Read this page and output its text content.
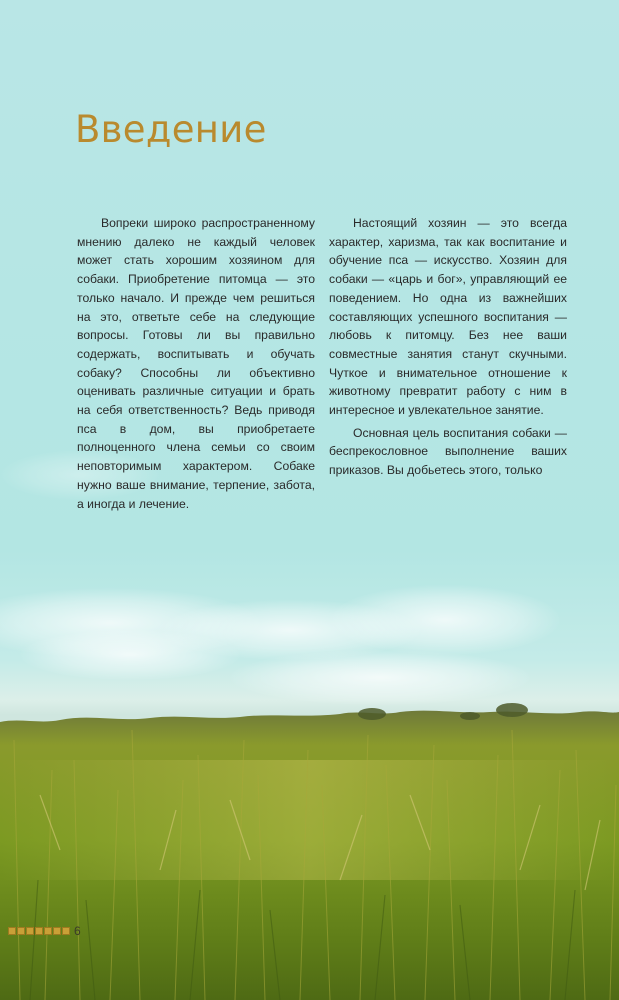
Введение

Вопреки широко распространенному мнению далеко не каждый человек может стать хорошим хозяином для собаки. Приобретение питомца — это только начало. И прежде чем решиться на это, ответьте себе на следующие вопросы. Готовы ли вы правильно содержать, воспитывать и обучать собаку? Способны ли объективно оценивать различные ситуации и брать на себя ответственность? Ведь приводя пса в дом, вы приобретаете полноценного члена семьи со своим неповторимым характером. Собаке нужно ваше внимание, терпение, забота, а иногда и лечение.

Настоящий хозяин — это всегда характер, харизма, так как воспитание и обучение пса — искусство. Хозяин для собаки — «царь и бог», управляющий ее поведением. Но одна из важнейших составляющих успешного воспитания — любовь к питомцу. Без нее ваши совместные занятия станут скучными. Чуткое и внимательное отношение к животному превратит работу с ним в интересное и увлекательное занятие.

Основная цель воспитания собаки — беспрекословное выполнение ваших приказов. Вы добьетесь этого, только

6
